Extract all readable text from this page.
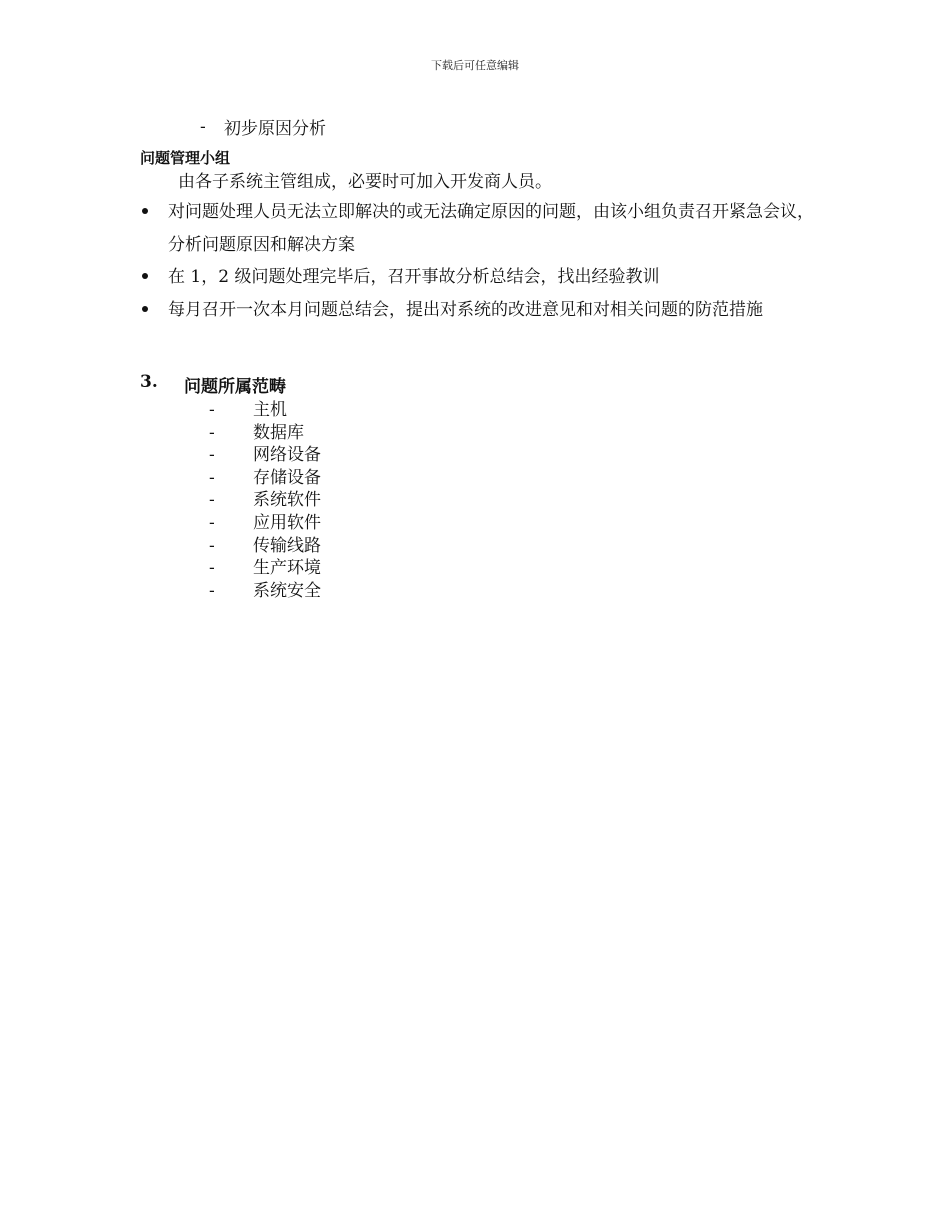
下载后可任意编辑
-	初步原因分析
问题管理小组
由各子系统主管组成，必要时可加入开发商人员。
对问题处理人员无法立即解决的或无法确定原因的问题，由该小组负责召开紧急会议，分析问题原因和解决方案
在 1，2 级问题处理完毕后，召开事故分析总结会，找出经验教训
每月召开一次本月问题总结会，提出对系统的改进意见和对相关问题的防范措施
3.	问题所属范畴
-	主机
-	数据库
-	网络设备
-	存储设备
-	系统软件
-	应用软件
-	传输线路
-	生产环境
-	系统安全
